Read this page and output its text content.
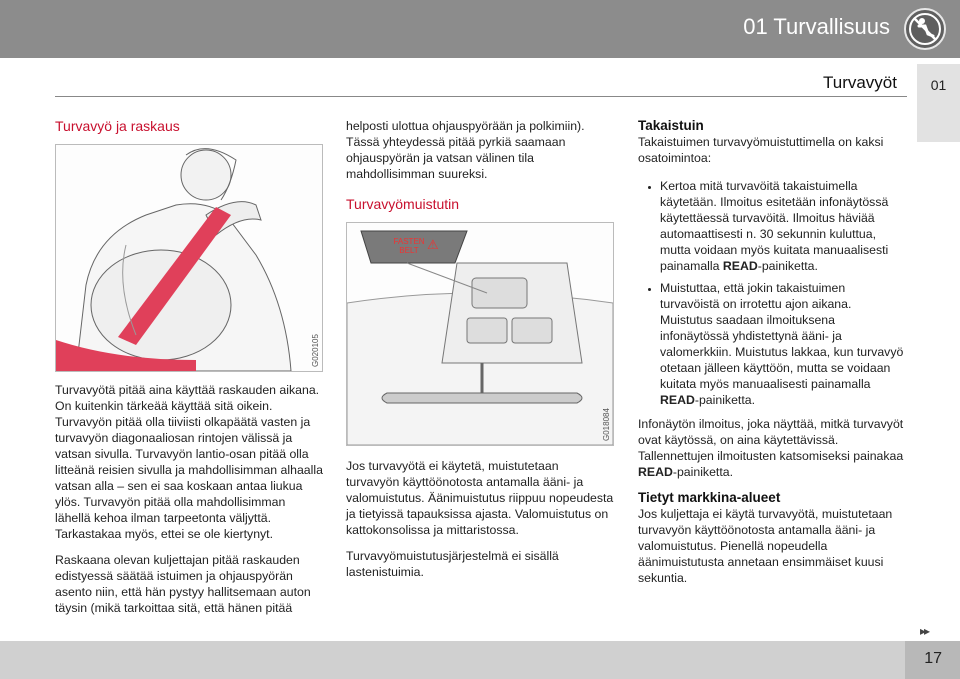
01 Turvallisuus
Turvavyöt	01
Turvavyö ja raskaus
G020105

Turvavyötä pitää aina käyttää raskauden aikana. On kuitenkin tärkeää käyttää sitä oikein. Turvavyön pitää olla tiiviisti olkapäätä vasten ja turvavyön diagonaaliosan rintojen välissä ja vatsan sivulla. Turvavyön lantio-osan pitää olla litteänä reisien sivulla ja mahdollisimman alhaalla vatsan alla – sen ei saa koskaan antaa liukua ylös. Turvavyön pitää olla mahdollisimman lähellä kehoa ilman tarpeetonta väljyttä. Tarkastakaa myös, ettei se ole kiertynyt.

Raskaana olevan kuljettajan pitää raskauden edistyessä säätää istuimen ja ohjauspyörän asento niin, että hän pystyy hallitsemaan auton täysin (mikä tarkoittaa sitä, että hänen pitää

helposti ulottua ohjauspyörään ja polkimiin). Tässä yhteydessä pitää pyrkiä saamaan ohjauspyörän ja vatsan välinen tila mahdollisimman suureksi.

Turvavyömuistutin
FASTEN BELT ⚠
G018084

Jos turvavyötä ei käytetä, muistutetaan turvavyön käyttöönotosta antamalla ääni- ja valomuistutus. Äänimuistutus riippuu nopeudesta ja tietyissä tapauksissa ajasta. Valomuistutus on kattokonsolissa ja mittaristossa.

Turvavyömuistutusjärjestelmä ei sisällä lastenistuimia.

Takaistuin

Takaistuimen turvavyömuistuttimella on kaksi osatoimintoa:

• Kertoa mitä turvavöitä takaistuimella käytetään. Ilmoitus esitetään infonäytössä käytettäessä turvavöitä. Ilmoitus häviää automaattisesti n. 30 sekunnin kuluttua, mutta voidaan myös kuitata manuaalisesti painamalla READ-painiketta.
• Muistuttaa, että jokin takaistuimen turvavöistä on irrotettu ajon aikana. Muistutus saadaan ilmoituksena infonäytössä yhdistettynä ääni- ja valomerkkiin. Muistutus lakkaa, kun turvavyö otetaan jälleen käyttöön, mutta se voidaan kuitata myös manuaalisesti painamalla READ-painiketta.

Infonäytön ilmoitus, joka näyttää, mitkä turvavyöt ovat käytössä, on aina käytettävissä. Tallennettujen ilmoitusten katsomiseksi painakaa READ-painiketta.

Tietyt markkina-alueet

Jos kuljettaja ei käytä turvavyötä, muistutetaan turvavyön käyttöönotosta antamalla ääni- ja valomuistutus. Pienellä nopeudella äänimuistutusta annetaan ensimmäiset kuusi sekuntia.

▸▸
17
